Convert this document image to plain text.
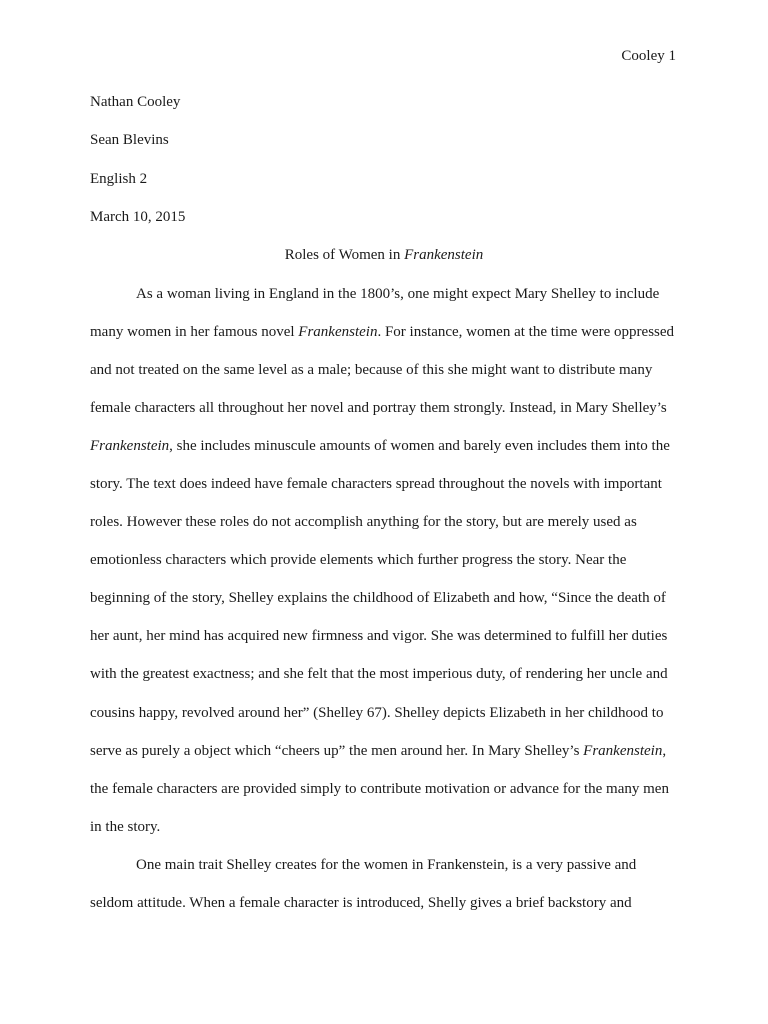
Cooley 1
Nathan Cooley
Sean Blevins
English 2
March 10, 2015
Roles of Women in Frankenstein
As a woman living in England in the 1800’s, one might expect Mary Shelley to include
many women in her famous novel Frankenstein. For instance, women at the time were oppressed
and not treated on the same level as a male; because of this she might want to distribute many
female characters all throughout her novel and portray them strongly. Instead, in Mary Shelley’s
Frankenstein, she includes minuscule amounts of women and barely even includes them into the
story. The text does indeed have female characters spread throughout the novels with important
roles. However these roles do not accomplish anything for the story, but are merely used as
emotionless characters which provide elements which further progress the story. Near the
beginning of the story, Shelley explains the childhood of Elizabeth and how, “Since the death of
her aunt, her mind has acquired new firmness and vigor. She was determined to fulfill her duties
with the greatest exactness; and she felt that the most imperious duty, of rendering her uncle and
cousins happy, revolved around her” (Shelley 67). Shelley depicts Elizabeth in her childhood to
serve as purely a object which “cheers up” the men around her. In Mary Shelley’s Frankenstein,
the female characters are provided simply to contribute motivation or advance for the many men
in the story.
One main trait Shelley creates for the women in Frankenstein, is a very passive and
seldom attitude. When a female character is introduced, Shelly gives a brief backstory and
